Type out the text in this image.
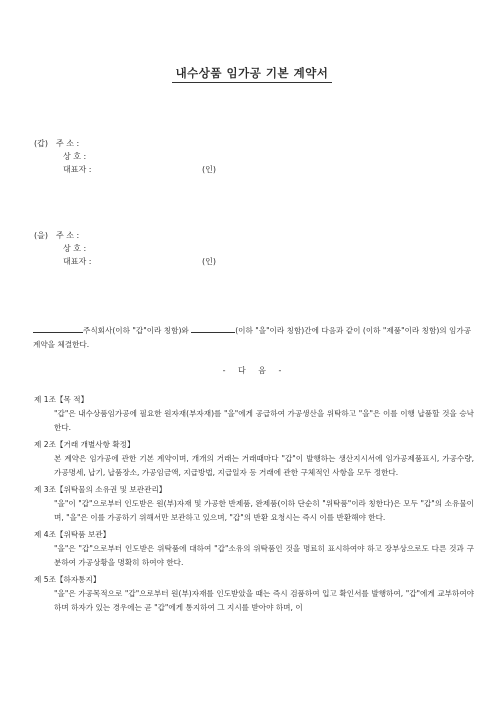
내수상품 임가공 기본 계약서
(갑) 주 소 :
상 호 :
대표자 :	(인)
(을) 주 소 :
상 호 :
대표자 :	(인)
주식회사(이하 "갑"이라 칭함)와	(이하 "을"이라 칭함)간에 다음과 같이 (이하 "제품"이라 칭함)의 임가공 계약을 체결한다.
- 다 음 -
제 1조【목 적】

"갑"은 내수상품임가공에 필요한 원자재(부자재)를 "을"에게 공급하여 가공생산을 위탁하고 "을"은 이를 이행 납품할 것을 승낙한다.

제 2조【거래 개별사항 확정】

본 계약은 임가공에 관한 기본 계약이며, 개개의 거래는 거래때마다 "갑"이 발행하는 생산지시서에 임가공제품표시, 가공수량, 가공명세, 납기, 납품장소, 가공임금액, 지급방법, 지급일자 등 거래에 관한 구체적인 사항을 모두 정한다.

제 3조【위탁물의 소유권 및 보관관리】

"을"이 "갑"으로부터 인도받은 원(부)자재 및 가공한 반제품, 완제품(이하 단순히 "위탁품"이라 칭한다)은 모두 "갑"의 소유물이며, "을"은 이를 가공하기 위해서만 보관하고 있으며, "갑"의 반환 요청시는 즉시 이를 반환해야 한다.

제 4조【위탁품 보관】

"을"은 "갑"으로부터 인도받은 위탁품에 대하여 "갑"소유의 위탁품인 것을 명료히 표시하여야 하고 장부상으로도 다른 것과 구분하여 가공상황을 명확히 하여야 한다.

제 5조【하자통지】

"을"은 가공목적으로 "갑"으로부터 원(부)자재를 인도받았을 때는 즉시 검품하여 입고 확인서를 발행하여, "갑"에게 교부하여야 하며 하자가 있는 경우에는 곧 "갑"에게 통지하여 그 지시를 받아야 하며, 이
